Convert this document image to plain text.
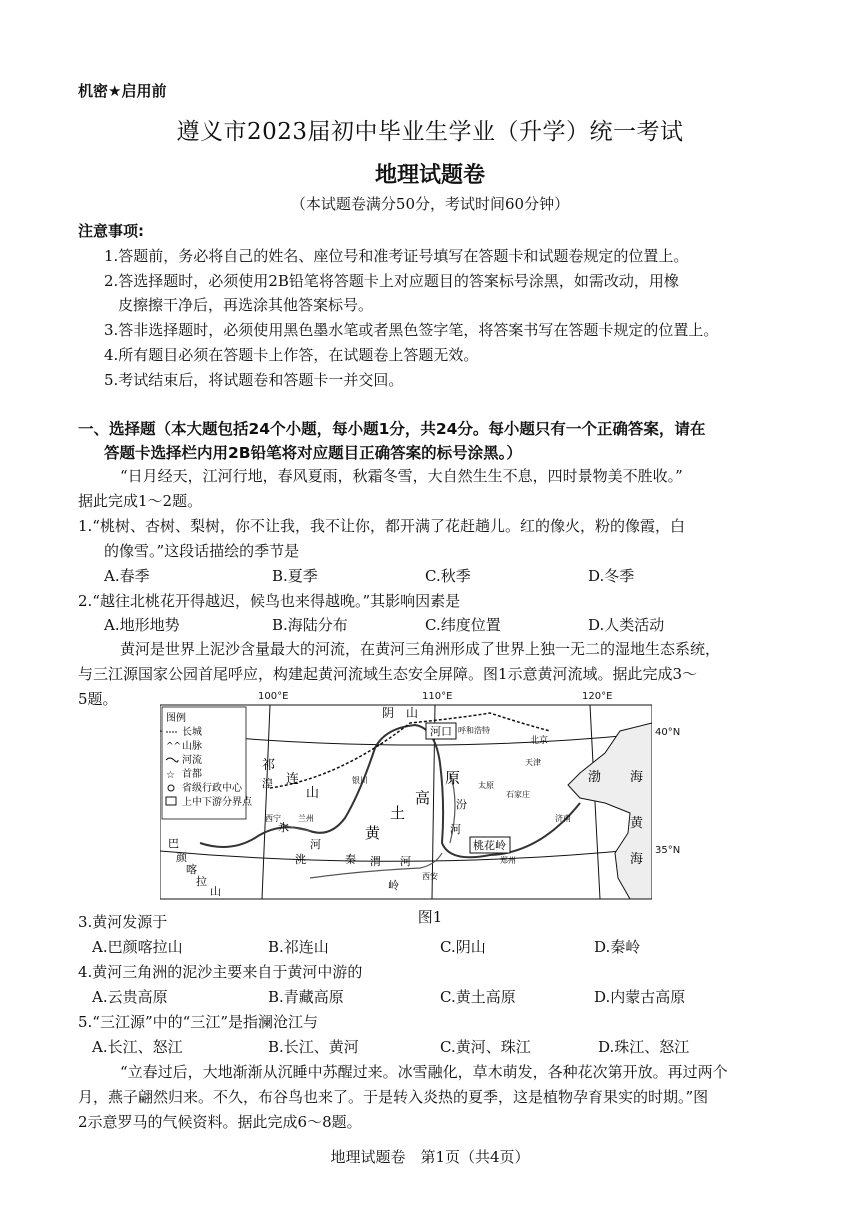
机密★启用前
遵义市2023届初中毕业生学业（升学）统一考试
地理试题卷
（本试题卷满分50分，考试时间60分钟）
注意事项:
1.答题前，务必将自己的姓名、座位号和准考证号填写在答题卡和试题卷规定的位置上。
2.答选择题时，必须使用2B铅笔将答题卡上对应题目的答案标号涂黑，如需改动，用橡
皮擦擦干净后，再选涂其他答案标号。
3.答非选择题时，必须使用黑色墨水笔或者黑色签字笔，将答案书写在答题卡规定的位置上。
4.所有题目必须在答题卡上作答，在试题卷上答题无效。
5.考试结束后，将试题卷和答题卡一并交回。
一、选择题（本大题包括24个小题，每小题1分，共24分。每小题只有一个正确答案，请在
答题卡选择栏内用2B铅笔将对应题目正确答案的标号涂黑。）
“日月经天，江河行地，春风夏雨，秋霜冬雪，大自然生生不息，四时景物美不胜收。”
据此完成1～2题。
1.“桃树、杏树、梨树，你不让我，我不让你，都开满了花赶趟儿。红的像火，粉的像霞，白
的像雪。”这段话描绘的季节是
A.春季	B.夏季	C.秋季	D.冬季
2.“越往北桃花开得越迟，候鸟也来得越晚。”其影响因素是
A.地形地势	B.海陆分布	C.纬度位置	D.人类活动
黄河是世界上泥沙含量最大的河流，在黄河三角洲形成了世界上独一无二的湿地生态系统，
与三江源国家公园首尾呼应，构建起黄河流域生态安全屏障。图1示意黄河流域。据此完成3～
5题。
图例
长城
山脉
河流
首都
省级行政中心
上中下游分界点
^^
☆
河口
桃花岭
呼和浩特
北京
天津
银川
太原
石家庄
西宁 兰州	济南
郑州
西安
阴 山
祁
连
山
黄
土
高
原
汾
河
渭 河
湟
水
洮
河
秦
岭
巴
颜
喀
拉
山
渤 海
黄
海
100°E	110°E	120°E
40°N
35°N
图1
3.黄河发源于
A.巴颜喀拉山	B.祁连山	C.阴山	D.秦岭
4.黄河三角洲的泥沙主要来自于黄河中游的
A.云贵高原	B.青藏高原	C.黄土高原	D.内蒙古高原
5.“三江源”中的“三江”是指澜沧江与
A.长江、怒江	B.长江、黄河	C.黄河、珠江	D.珠江、怒江
“立春过后，大地渐渐从沉睡中苏醒过来。冰雪融化，草木萌发，各种花次第开放。再过两个
月，燕子翩然归来。不久，布谷鸟也来了。于是转入炎热的夏季，这是植物孕育果实的时期。”图
2示意罗马的气候资料。据此完成6～8题。
地理试题卷　第1页（共4页）
